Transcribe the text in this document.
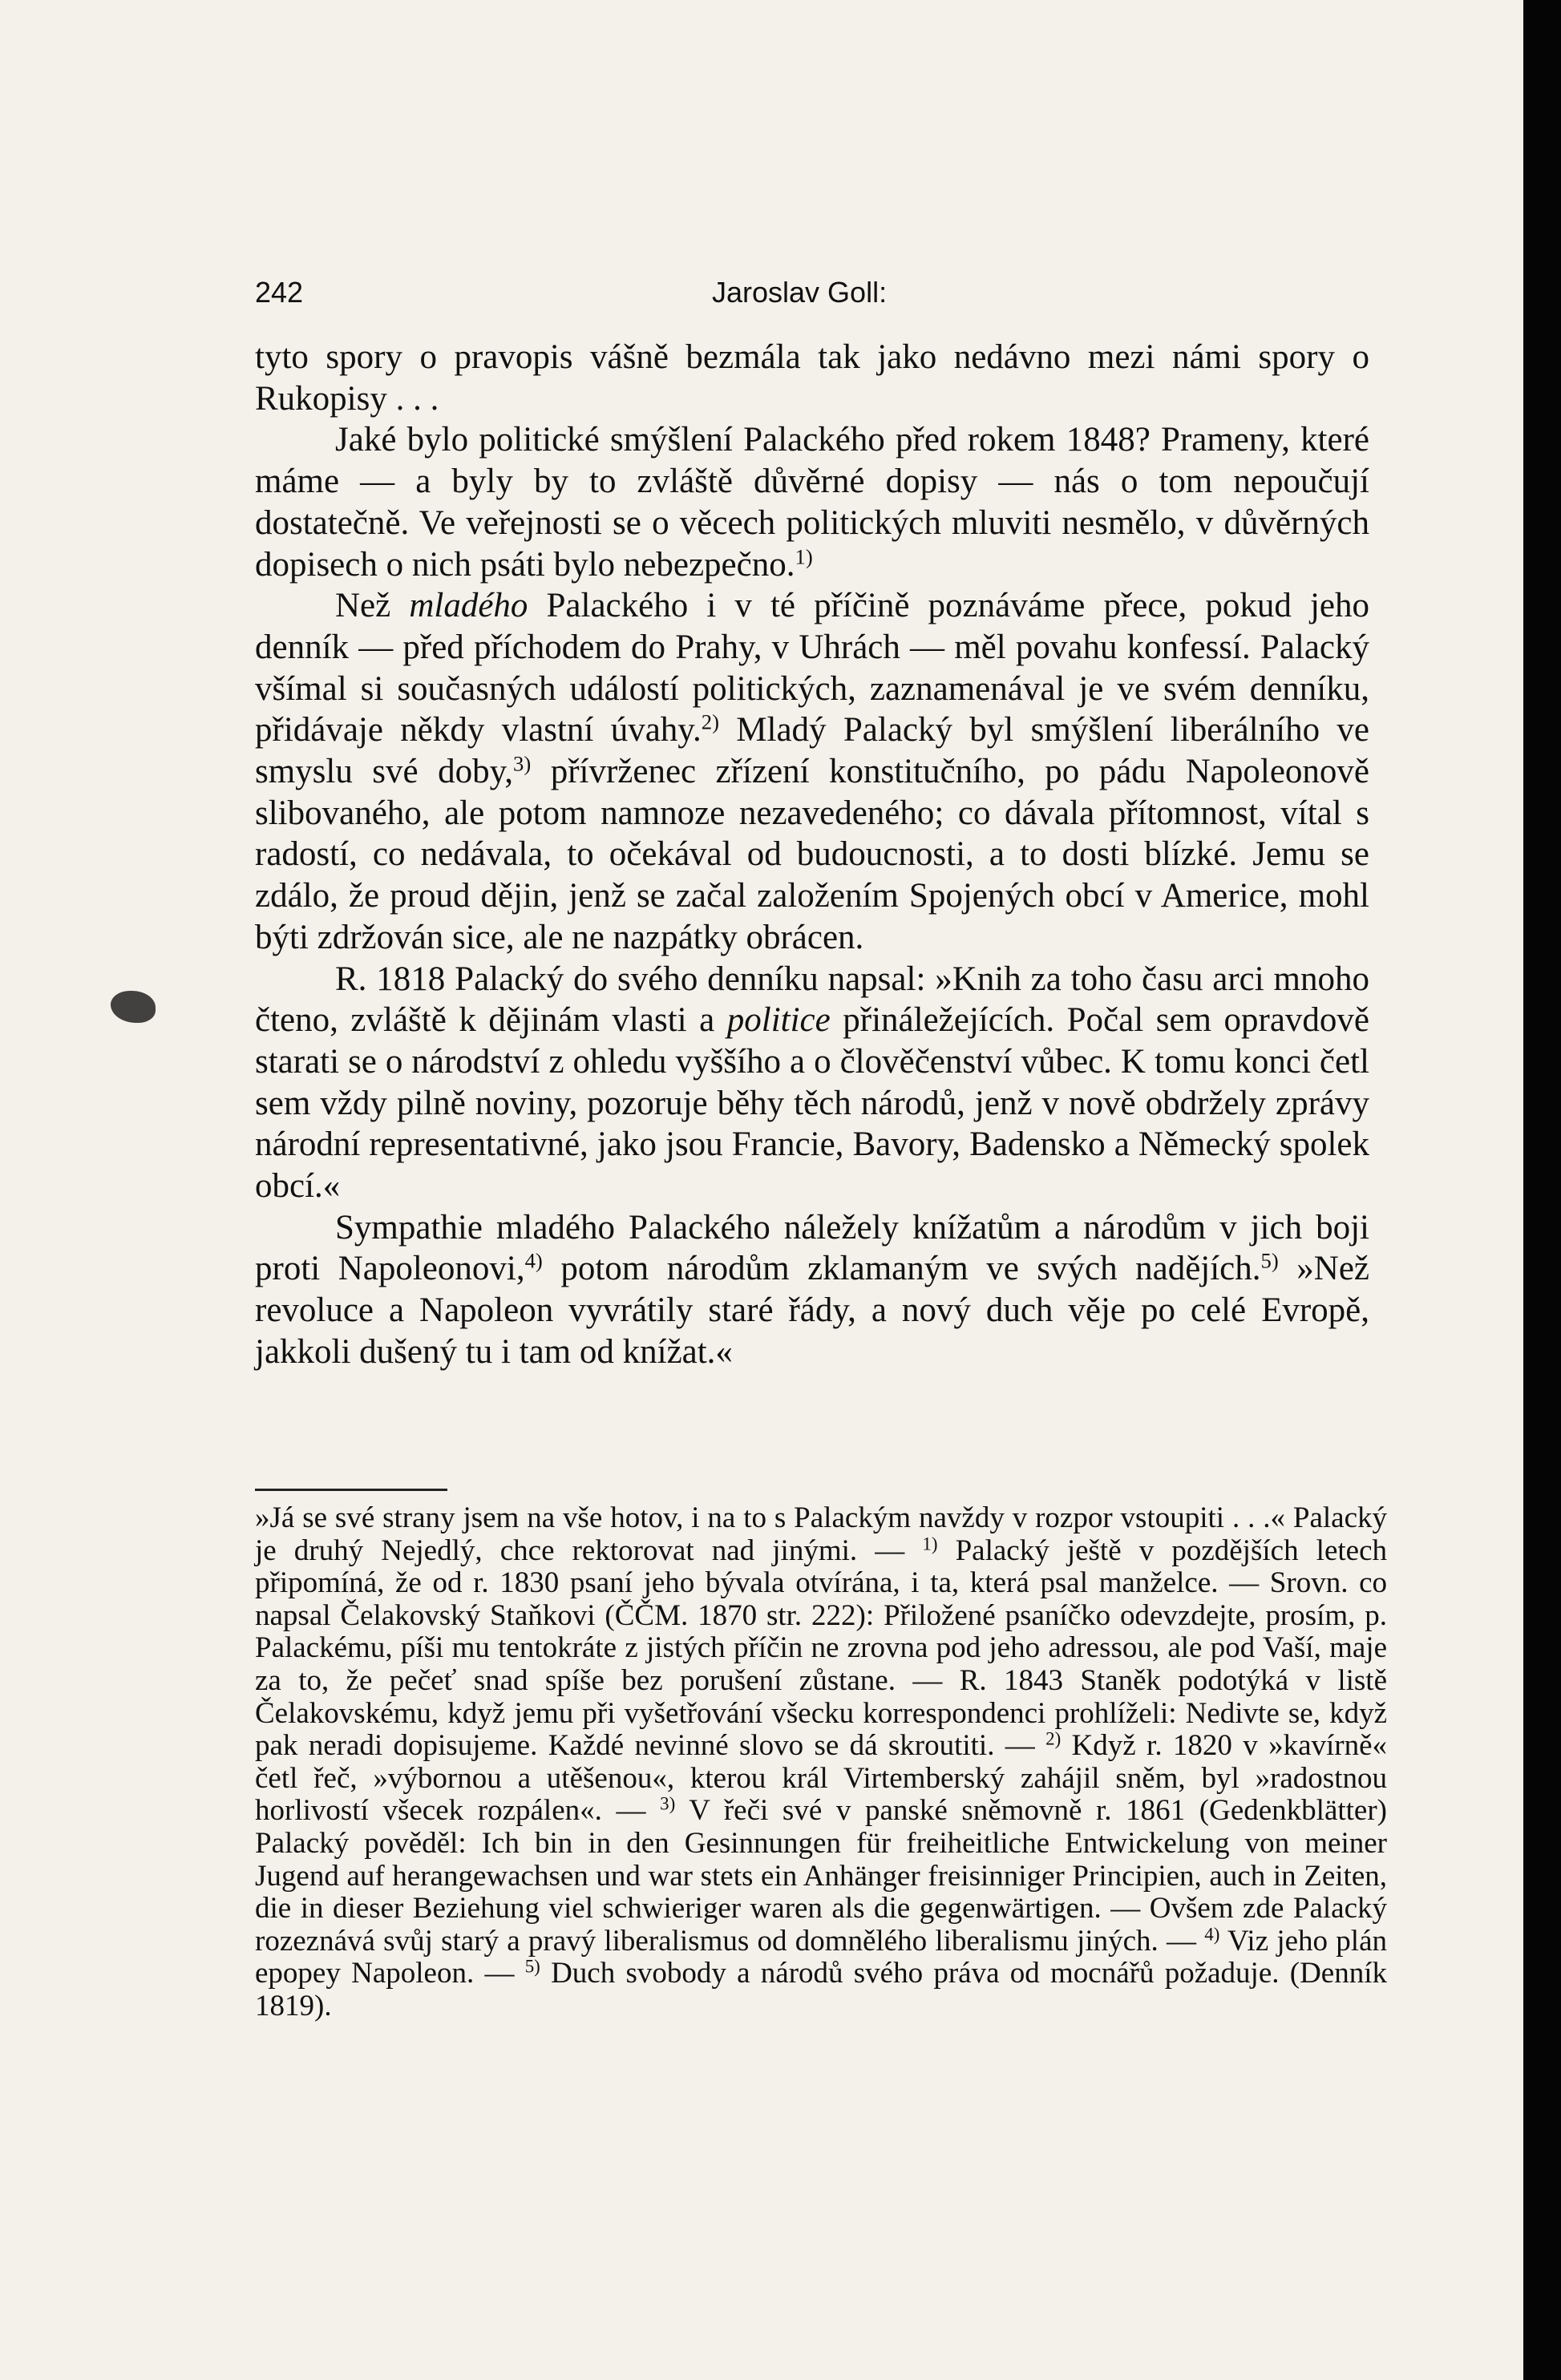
242	Jaroslav Goll:

tyto spory o pravopis vášně bezmála tak jako nedávno mezi námi spory o Rukopisy . . .

Jaké bylo politické smýšlení Palackého před rokem 1848? Prameny, které máme — a byly by to zvláště důvěrné dopisy — nás o tom nepoučují dostatečně. Ve veřejnosti se o věcech politických mluviti nesmělo, v důvěrných dopisech o nich psáti bylo nebezpečno.$^{1)}$

Než mladého Palackého i v té příčině poznáváme přece, pokud jeho denník — před příchodem do Prahy, v Uhrách — měl povahu konfessí. Palacký všímal si současných událostí politických, zaznamenával je ve svém denníku, přidávaje někdy vlastní úvahy.$^{2)}$ Mladý Palacký byl smýšlení liberálního ve smyslu své doby,$^{3)}$ přívrženec zřízení konstitučního, po pádu Napoleonově slibovaného, ale potom namnoze nezavedeného; co dávala přítomnost, vítal s radostí, co nedávala, to očekával od budoucnosti, a to dosti blízké. Jemu se zdálo, že proud dějin, jenž se začal založením Spojených obcí v Americe, mohl býti zdržován sice, ale ne nazpátky obrácen.

R. 1818 Palacký do svého denníku napsal: »Knih za toho času arci mnoho čteno, zvláště k dějinám vlasti a politice přináležejících. Počal sem opravdově starati se o národství z ohledu vyššího a o člověčenství vůbec. K tomu konci četl sem vždy pilně noviny, pozoruje běhy těch národů, jenž v nově obdržely zprávy národní representativné, jako jsou Francie, Bavory, Badensko a Německý spolek obcí.«

Sympathie mladého Palackého náležely knížatům a národům v jich boji proti Napoleonovi,$^{4)}$ potom národům zklamaným ve svých nadějích.$^{5)}$ »Než revoluce a Napoleon vyvrátily staré řády, a nový duch věje po celé Evropě, jakkoli dušený tu i tam od knížat.«

»Já se své strany jsem na vše hotov, i na to s Palackým navždy v rozpor vstoupiti . . .« Palacký je druhý Nejedlý, chce rektorovat nad jinými. — $^{1)}$ Palacký ještě v pozdějších letech připomíná, že od r. 1830 psaní jeho bývala otvírána, i ta, která psal manželce. — Srovn. co napsal Čelakovský Staňkovi (ČČM. 1870 str. 222): Přiložené psaníčko odevzdejte, prosím, p. Palackému, píši mu tentokráte z jistých příčin ne zrovna pod jeho adressou, ale pod Vaší, maje za to, že pečeť snad spíše bez porušení zůstane. — R. 1843 Staněk podotýká v listě Čelakovskému, když jemu při vyšetřování všecku korrespondenci prohlíželi: Nedivte se, když pak neradi dopisujeme. Každé nevinné slovo se dá skroutiti. — $^{2)}$ Když r. 1820 v »kavírně« četl řeč, »výbornou a utěšenou«, kterou král Virtemberský zahájil sněm, byl »radostnou horlivostí všecek rozpálen«. — $^{3)}$ V řeči své v panské sněmovně r. 1861 (Gedenkblätter) Palacký pověděl: Ich bin in den Gesinnungen für freiheitliche Entwickelung von meiner Jugend auf herangewachsen und war stets ein Anhänger freisinniger Principien, auch in Zeiten, die in dieser Beziehung viel schwieriger waren als die gegenwärtigen. — Ovšem zde Palacký rozeznává svůj starý a pravý liberalismus od domnělého liberalismu jiných. — $^{4)}$ Viz jeho plán epopey Napoleon. — $^{5)}$ Duch svobody a národů svého práva od mocnářů požaduje. (Denník 1819).
